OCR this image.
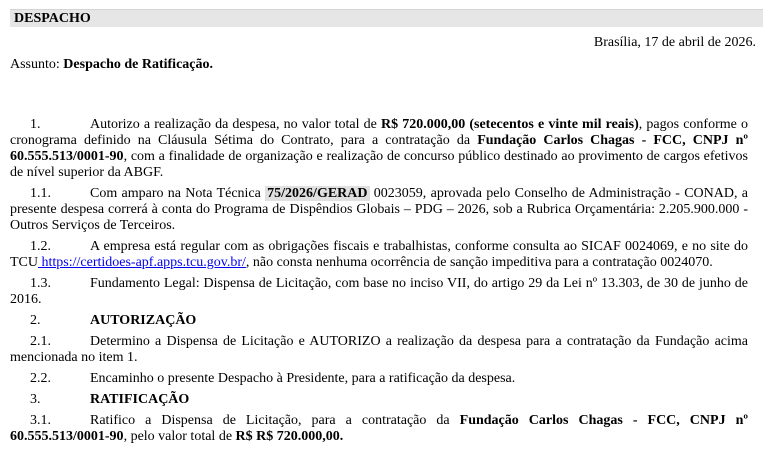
DESPACHO
Brasília, 17 de abril de 2026.
Assunto: Despacho de Ratificação.
1.	Autorizo a realização da despesa, no valor total de R$ 720.000,00 (setecentos e vinte mil reais), pagos conforme o cronograma definido na Cláusula Sétima do Contrato, para a contratação da Fundação Carlos Chagas - FCC, CNPJ nº 60.555.513/0001-90, com a finalidade de organização e realização de concurso público destinado ao provimento de cargos efetivos de nível superior da ABGF.
1.1.	Com amparo na Nota Técnica 75/2026/GERAD 0023059, aprovada pelo Conselho de Administração - CONAD, a presente despesa correrá à conta do Programa de Dispêndios Globais – PDG – 2026, sob a Rubrica Orçamentária: 2.205.900.000 - Outros Serviços de Terceiros.
1.2.	A empresa está regular com as obrigações fiscais e trabalhistas, conforme consulta ao SICAF 0024069, e no site do TCU https://certidoes-apf.apps.tcu.gov.br/, não consta nenhuma ocorrência de sanção impeditiva para a contratação 0024070.
1.3.	Fundamento Legal: Dispensa de Licitação, com base no inciso VII, do artigo 29 da Lei nº 13.303, de 30 de junho de 2016.
2.	AUTORIZAÇÃO
2.1.	Determino a Dispensa de Licitação e AUTORIZO a realização da despesa para a contratação da Fundação acima mencionada no item 1.
2.2.	Encaminho o presente Despacho à Presidente, para a ratificação da despesa.
3.	RATIFICAÇÃO
3.1.	Ratifico a Dispensa de Licitação, para a contratação da Fundação Carlos Chagas - FCC, CNPJ nº 60.555.513/0001-90, pelo valor total de R$ R$ 720.000,00.
